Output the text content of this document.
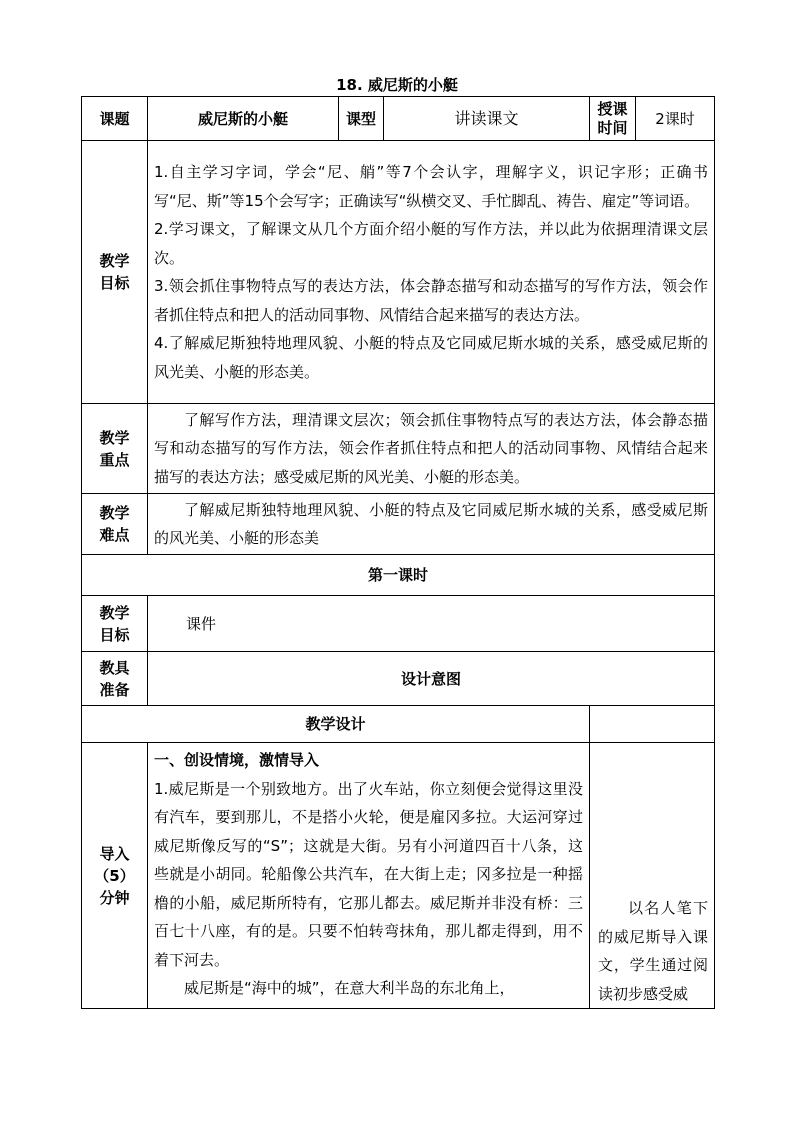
18. 威尼斯的小艇
课题	威尼斯的小艇	课型	讲读课文	授课时间	2课时
教学目标	1.自主学习字词，学会“尼、艄”等7个会认字，理解字义，识记字形；正确书写“尼、斯”等15个会写字；正确读写“纵横交叉、手忙脚乱、祷告、雇定”等词语。

2.学习课文，了解课文从几个方面介绍小艇的写作方法，并以此为依据理清课文层次。

3.领会抓住事物特点写的表达方法，体会静态描写和动态描写的写作方法，领会作者抓住特点和把人的活动同事物、风情结合起来描写的表达方法。

4.了解威尼斯独特地理风貌、小艇的特点及它同威尼斯水城的关系，感受威尼斯的风光美、小艇的形态美。				

教学重点	了解写作方法，理清课文层次；领会抓住事物特点写的表达方法，体会静态描写和动态描写的写作方法，领会作者抓住特点和把人的活动同事物、风情结合起来描写的表达方法；感受威尼斯的风光美、小艇的形态美。				

教学难点	了解威尼斯独特地理风貌、小艇的特点及它同威尼斯水城的关系，感受威尼斯的风光美、小艇的形态美				

第一课时					
教学目标	课件				
教具准备	设计意图				
教学设计					
导入（5）分钟	一、创设情境，激情导入

1.威尼斯是一个别致地方。出了火车站，你立刻便会觉得这里没有汽车，要到那儿，不是搭小火轮，便是雇冈多拉。大运河穿过威尼斯像反写的“S”；这就是大街。另有小河道四百十八条，这些就是小胡同。轮船像公共汽车，在大街上走；冈多拉是一种摇橹的小船，威尼斯所特有，它那儿都去。威尼斯并非没有桥：三百七十八座，有的是。只要不怕转弯抹角，那儿都走得到，用不着下河去。

威尼斯是“海中的城”，在意大利半岛的东北角上，			以名人笔下的威尼斯导入课文，学生通过阅读初步感受威	
